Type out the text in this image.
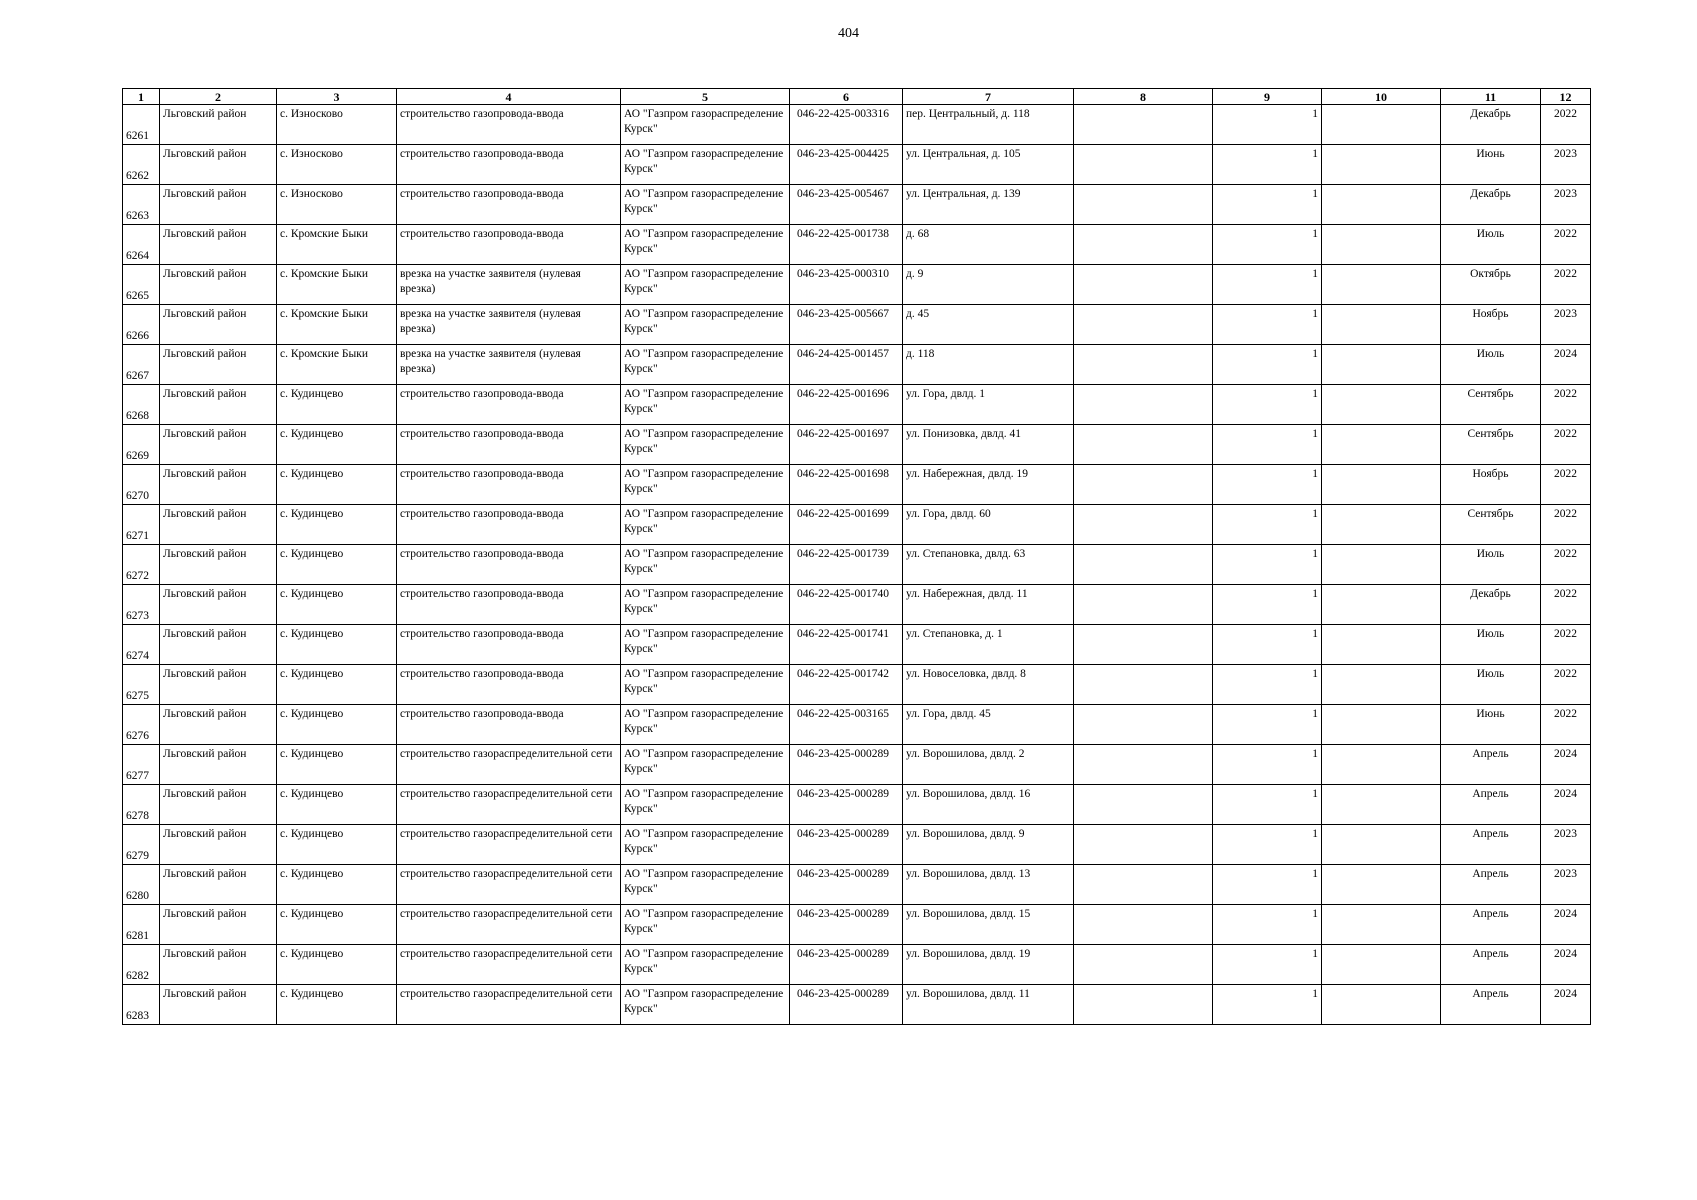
404
1	2	3	4	5	6	7	8	9	10	11	12
6261	Льговский район	с. Износково	строительство газопровода-ввода	АО "Газпром газораспределение Курск"	046-22-425-003316	пер. Центральный, д. 118		1		Декабрь	2022
6262	Льговский район	с. Износково	строительство газопровода-ввода	АО "Газпром газораспределение Курск"	046-23-425-004425	ул. Центральная, д. 105		1		Июнь	2023
6263	Льговский район	с. Износково	строительство газопровода-ввода	АО "Газпром газораспределение Курск"	046-23-425-005467	ул. Центральная, д. 139		1		Декабрь	2023
6264	Льговский район	с. Кромские Быки	строительство газопровода-ввода	АО "Газпром газораспределение Курск"	046-22-425-001738	д. 68		1		Июль	2022
6265	Льговский район	с. Кромские Быки	врезка на участке заявителя (нулевая врезка)	АО "Газпром газораспределение Курск"	046-23-425-000310	д. 9		1		Октябрь	2022
6266	Льговский район	с. Кромские Быки	врезка на участке заявителя (нулевая врезка)	АО "Газпром газораспределение Курск"	046-23-425-005667	д. 45		1		Ноябрь	2023
6267	Льговский район	с. Кромские Быки	врезка на участке заявителя (нулевая врезка)	АО "Газпром газораспределение Курск"	046-24-425-001457	д. 118		1		Июль	2024
6268	Льговский район	с. Кудинцево	строительство газопровода-ввода	АО "Газпром газораспределение Курск"	046-22-425-001696	ул. Гора, двлд. 1		1		Сентябрь	2022
6269	Льговский район	с. Кудинцево	строительство газопровода-ввода	АО "Газпром газораспределение Курск"	046-22-425-001697	ул. Понизовка, двлд. 41		1		Сентябрь	2022
6270	Льговский район	с. Кудинцево	строительство газопровода-ввода	АО "Газпром газораспределение Курск"	046-22-425-001698	ул. Набережная, двлд. 19		1		Ноябрь	2022
6271	Льговский район	с. Кудинцево	строительство газопровода-ввода	АО "Газпром газораспределение Курск"	046-22-425-001699	ул. Гора, двлд. 60		1		Сентябрь	2022
6272	Льговский район	с. Кудинцево	строительство газопровода-ввода	АО "Газпром газораспределение Курск"	046-22-425-001739	ул. Степановка, двлд. 63		1		Июль	2022
6273	Льговский район	с. Кудинцево	строительство газопровода-ввода	АО "Газпром газораспределение Курск"	046-22-425-001740	ул. Набережная, двлд. 11		1		Декабрь	2022
6274	Льговский район	с. Кудинцево	строительство газопровода-ввода	АО "Газпром газораспределение Курск"	046-22-425-001741	ул. Степановка, д. 1		1		Июль	2022
6275	Льговский район	с. Кудинцево	строительство газопровода-ввода	АО "Газпром газораспределение Курск"	046-22-425-001742	ул. Новоселовка, двлд. 8		1		Июль	2022
6276	Льговский район	с. Кудинцево	строительство газопровода-ввода	АО "Газпром газораспределение Курск"	046-22-425-003165	ул. Гора, двлд. 45		1		Июнь	2022
6277	Льговский район	с. Кудинцево	строительство газораспределительной сети	АО "Газпром газораспределение Курск"	046-23-425-000289	ул. Ворошилова, двлд. 2		1		Апрель	2024
6278	Льговский район	с. Кудинцево	строительство газораспределительной сети	АО "Газпром газораспределение Курск"	046-23-425-000289	ул. Ворошилова, двлд. 16		1		Апрель	2024
6279	Льговский район	с. Кудинцево	строительство газораспределительной сети	АО "Газпром газораспределение Курск"	046-23-425-000289	ул. Ворошилова, двлд. 9		1		Апрель	2023
6280	Льговский район	с. Кудинцево	строительство газораспределительной сети	АО "Газпром газораспределение Курск"	046-23-425-000289	ул. Ворошилова, двлд. 13		1		Апрель	2023
6281	Льговский район	с. Кудинцево	строительство газораспределительной сети	АО "Газпром газораспределение Курск"	046-23-425-000289	ул. Ворошилова, двлд. 15		1		Апрель	2024
6282	Льговский район	с. Кудинцево	строительство газораспределительной сети	АО "Газпром газораспределение Курск"	046-23-425-000289	ул. Ворошилова, двлд. 19		1		Апрель	2024
6283	Льговский район	с. Кудинцево	строительство газораспределительной сети	АО "Газпром газораспределение Курск"	046-23-425-000289	ул. Ворошилова, двлд. 11		1		Апрель	2024
